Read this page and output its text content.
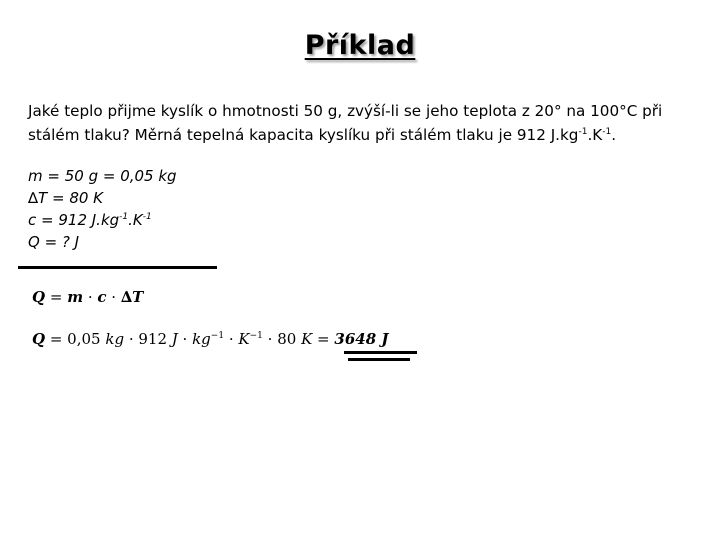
Příklad
Jaké teplo přijme kyslík o hmotnosti 50 g, zvýší-li se jeho teplota z 20° na 100°C při
stálém tlaku? Měrná tepelná kapacita kyslíku při stálém tlaku je 912 $J.kg^{-1}.K^{-1}$.
m = 50 g = 0,05 kg
∆T = 80 K
c = 912 $J.kg^{-1}.K^{-1}$
Q = ? J
Q = m · c · ∆T
Q = 0,05 kg · 912 $J \cdot kg^{-1} \cdot K^{-1} \cdot 80$ K = 3648 J
